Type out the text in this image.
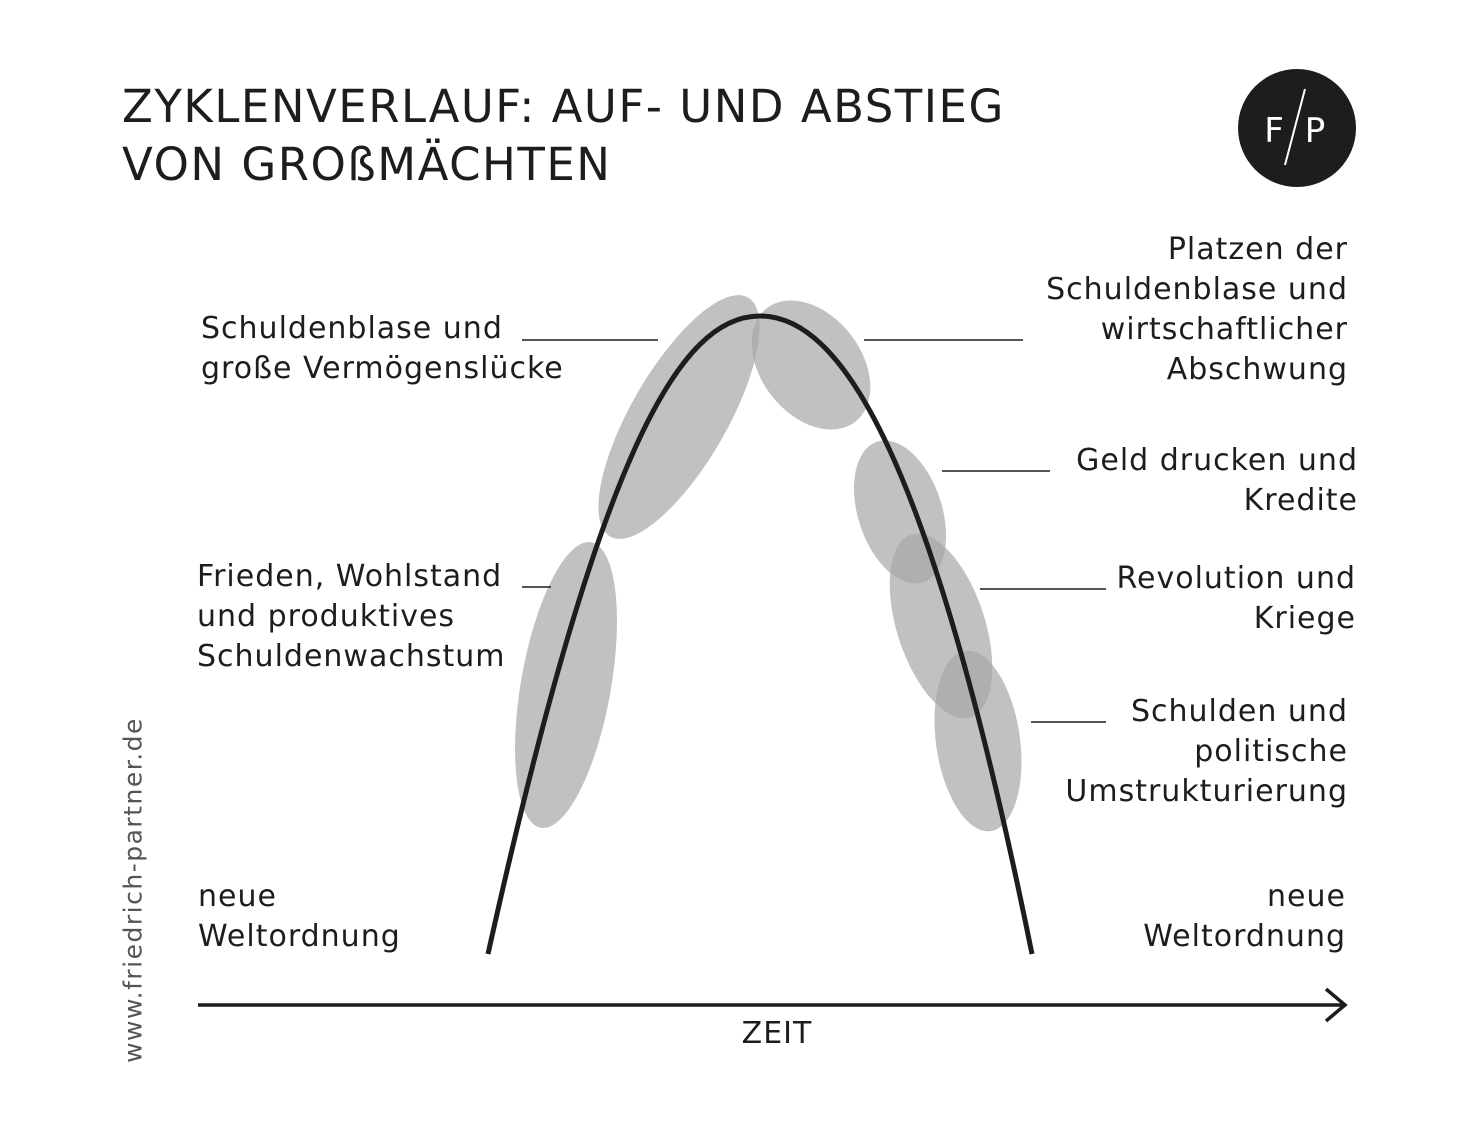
ZYKLENVERLAUF: AUF- UND ABSTIEG
VON GROßMÄCHTEN
F P
Schuldenblase und
große Vermögenslücke
Frieden, Wohlstand
und produktives
Schuldenwachstum
neue
Weltordnung
Platzen der
Schuldenblase und
wirtschaftlicher
Abschwung
Geld drucken und
Kredite
Revolution und
Kriege
Schulden und
politische
Umstrukturierung
neue
Weltordnung
ZEIT
www.friedrich-partner.de
